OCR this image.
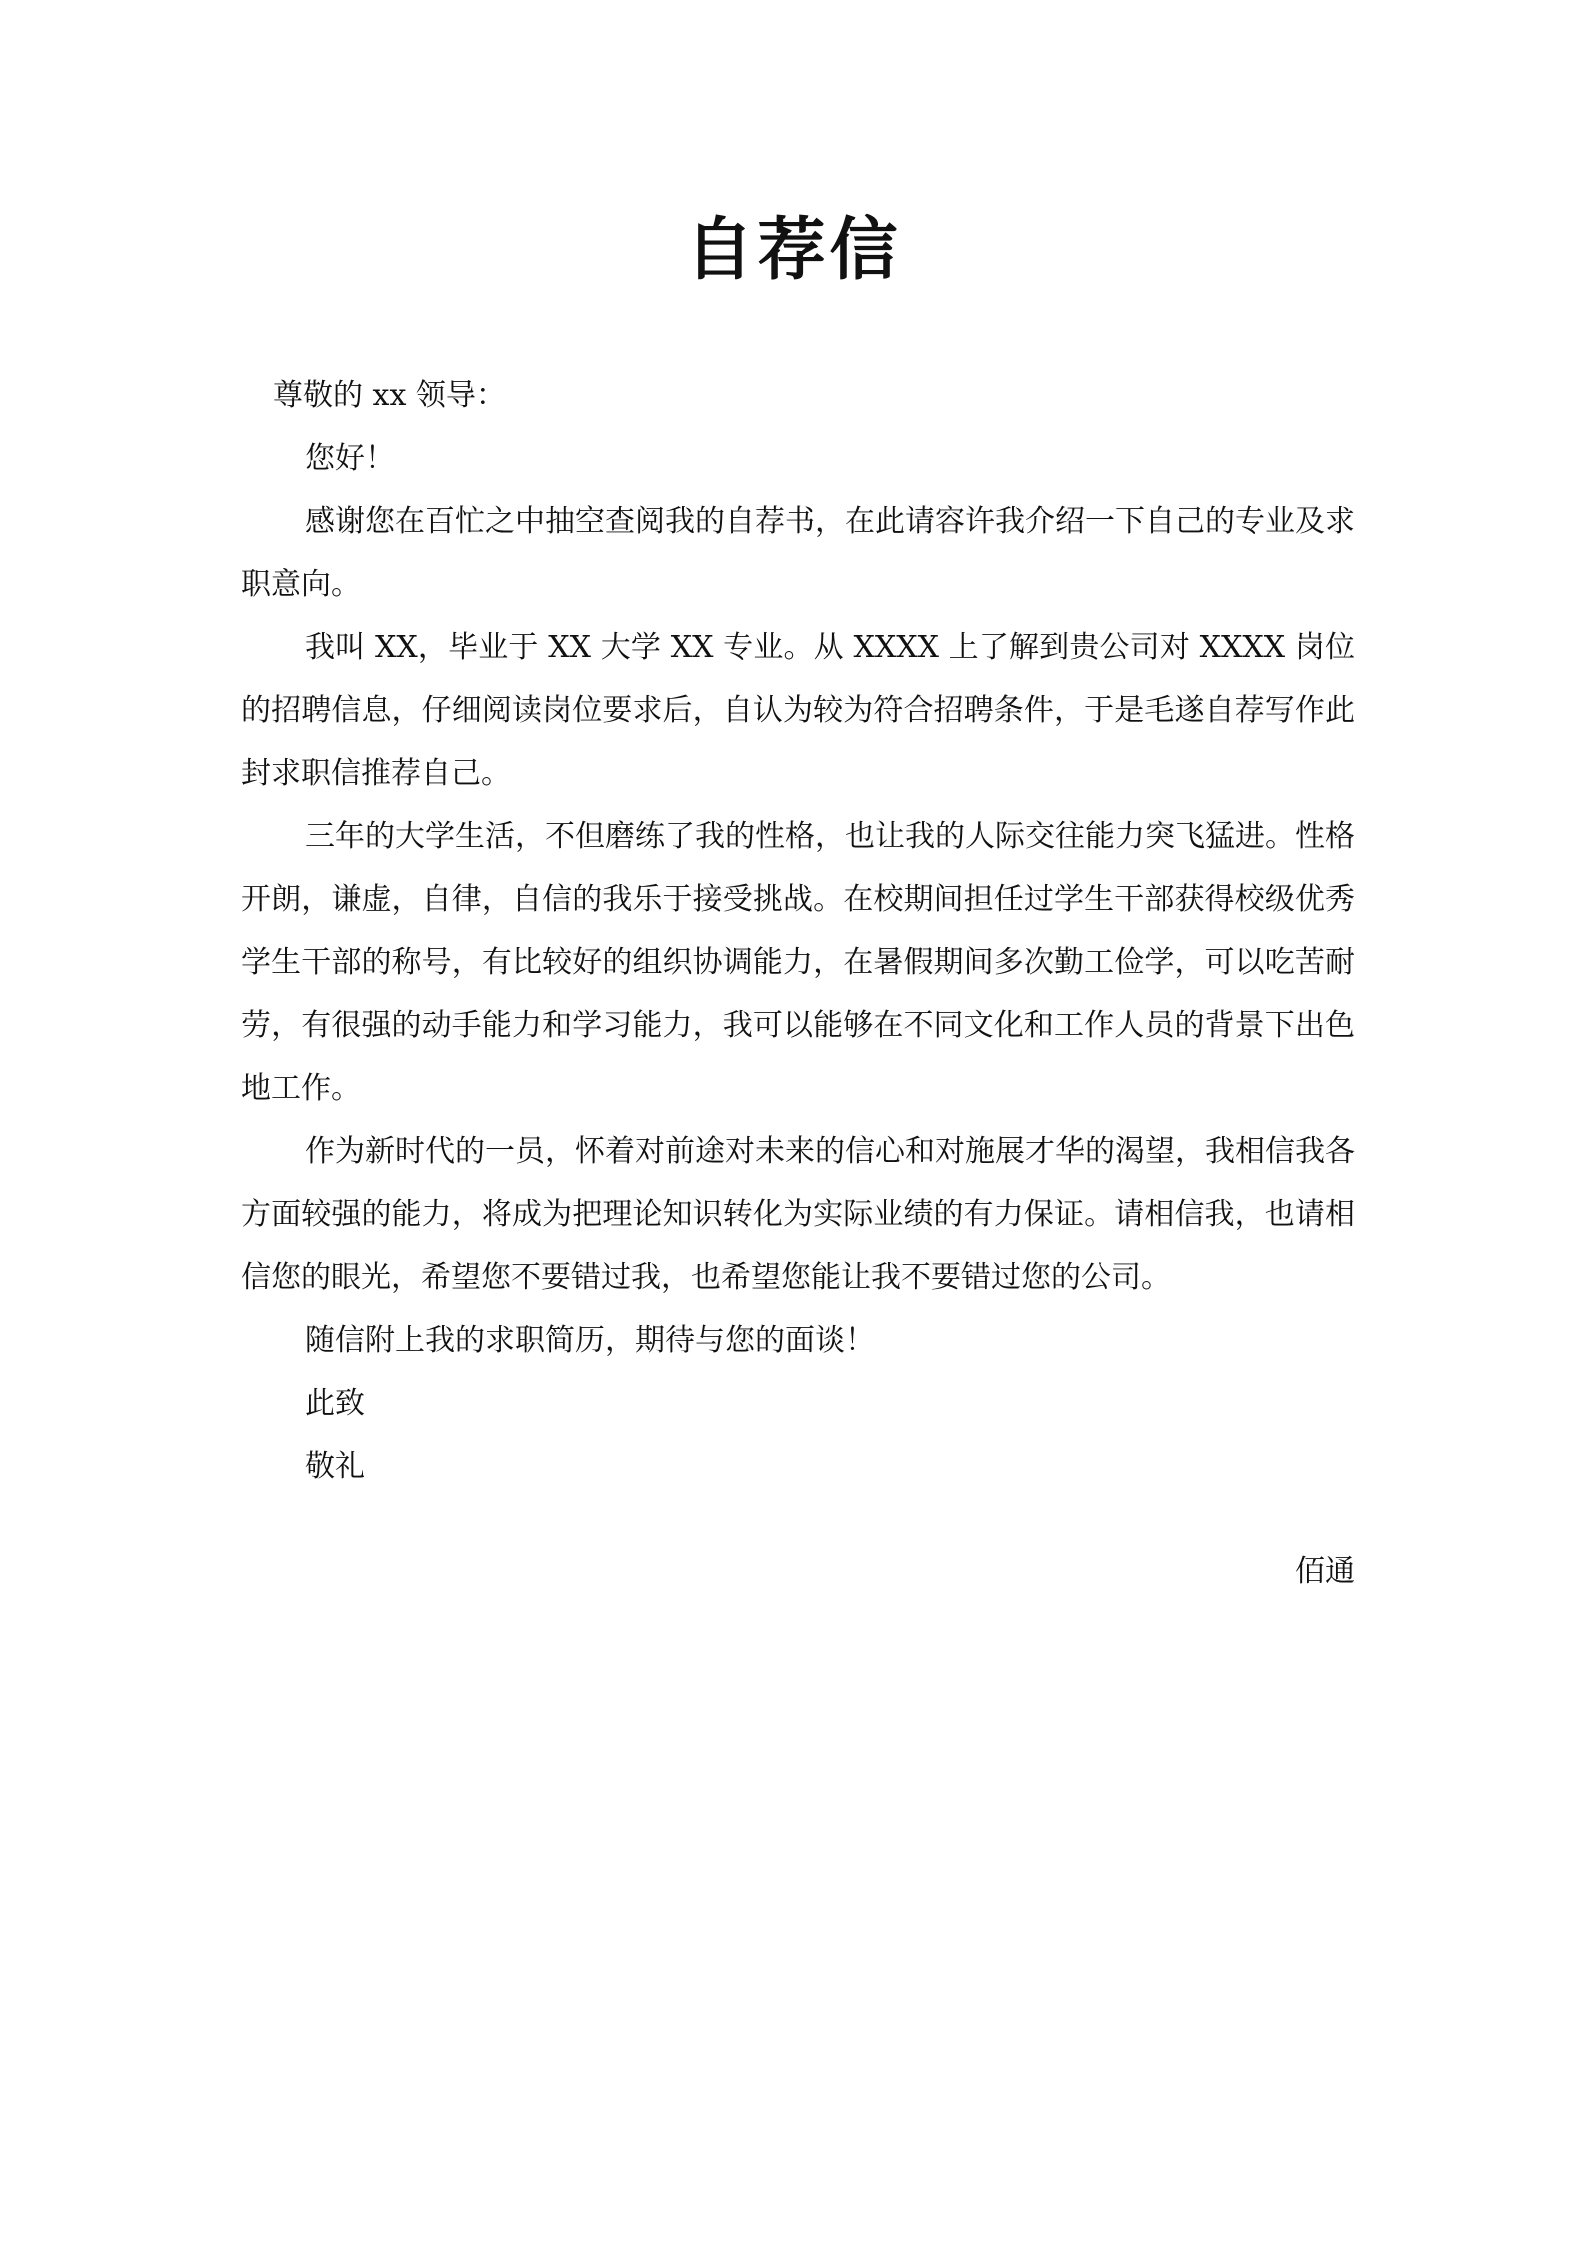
自荐信

尊敬的 xx 领导：

您好！

感谢您在百忙之中抽空查阅我的自荐书，在此请容许我介绍一下自己的专业及求职意向。

我叫 XX，毕业于 XX 大学 XX 专业。从 XXXX 上了解到贵公司对 XXXX 岗位的招聘信息，仔细阅读岗位要求后，自认为较为符合招聘条件，于是毛遂自荐写作此封求职信推荐自己。

三年的大学生活，不但磨练了我的性格，也让我的人际交往能力突飞猛进。性格开朗，谦虚，自律，自信的我乐于接受挑战。在校期间担任过学生干部获得校级优秀学生干部的称号，有比较好的组织协调能力，在暑假期间多次勤工俭学，可以吃苦耐劳，有很强的动手能力和学习能力，我可以能够在不同文化和工作人员的背景下出色地工作。

作为新时代的一员，怀着对前途对未来的信心和对施展才华的渴望，我相信我各方面较强的能力，将成为把理论知识转化为实际业绩的有力保证。请相信我，也请相信您的眼光，希望您不要错过我，也希望您能让我不要错过您的公司。

随信附上我的求职简历，期待与您的面谈！

此致

敬礼

佰通
